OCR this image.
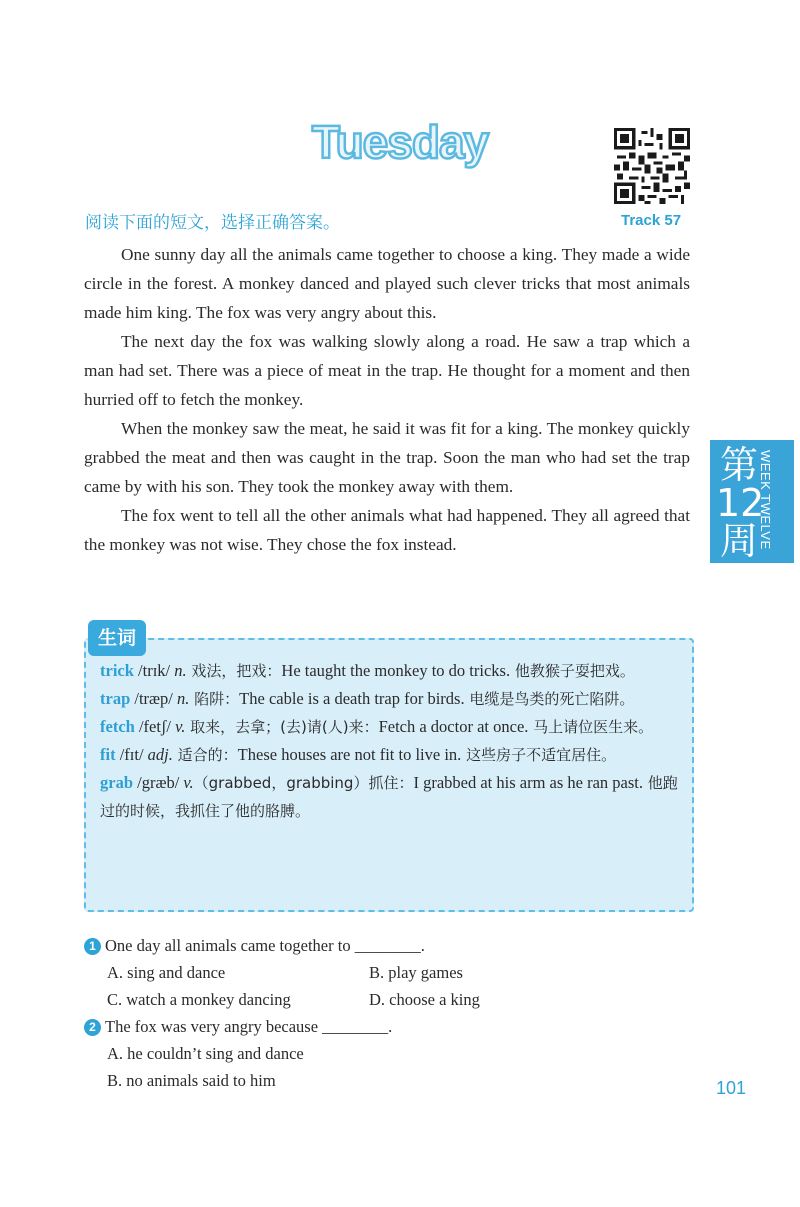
Tuesday
阅读下面的短文，选择正确答案。	Track 57

One sunny day all the animals came together to choose a king. They made a wide circle in the forest. A monkey danced and played such clever tricks that most animals made him king. The fox was very angry about this.

The next day the fox was walking slowly along a road. He saw a trap which a man had set. There was a piece of meat in the trap. He thought for a moment and then hurried off to fetch the monkey.

When the monkey saw the meat, he said it was fit for a king. The monkey quickly grabbed the meat and then was caught in the trap. Soon the man who had set the trap came by with his son. They took the monkey away with them.

The fox went to tell all the other animals what had happened. They all agreed that the monkey was not wise. They chose the fox instead.

第12周 WEEK TWELVE
生词
trick /trɪk/ n. 戏法，把戏：He taught the monkey to do tricks. 他教猴子耍把戏。
trap /træp/ n. 陷阱：The cable is a death trap for birds. 电缆是鸟类的死亡陷阱。
fetch /fetʃ/ v. 取来，去拿；(去)请(人)来：Fetch a doctor at once. 马上请位医生来。
fit /fɪt/ adj. 适合的：These houses are not fit to live in. 这些房子不适宜居住。
grab /græb/ v.（grabbed，grabbing）抓住：I grabbed at his arm as he ran past. 他跑过的时候，我抓住了他的胳膊。
1 One day all animals came together to ________.
A. sing and dance	B. play games
C. watch a monkey dancing	D. choose a king
2 The fox was very angry because ________.
A. he couldn’t sing and dance
B. no animals said to him	101
